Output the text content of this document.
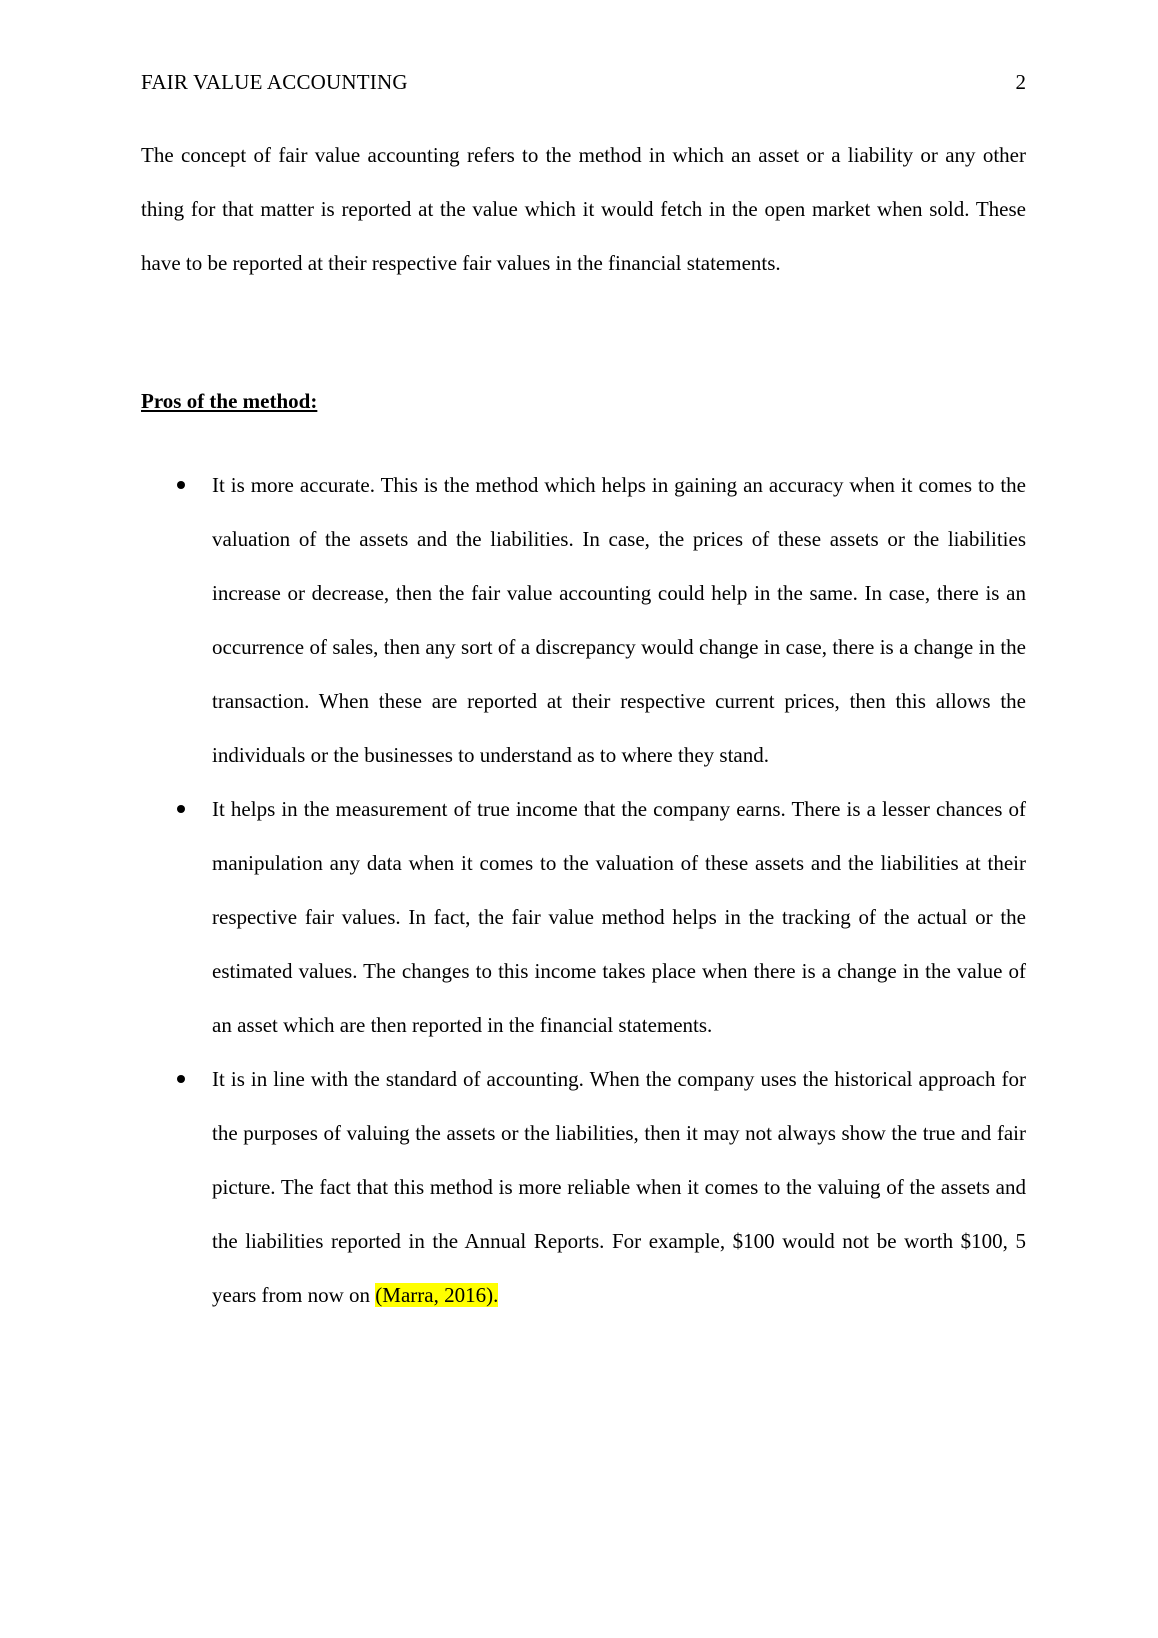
FAIR VALUE ACCOUNTING	2

The concept of fair value accounting refers to the method in which an asset or a liability or any other thing for that matter is reported at the value which it would fetch in the open market when sold. These have to be reported at their respective fair values in the financial statements.

Pros of the method:
It is more accurate. This is the method which helps in gaining an accuracy when it comes to the valuation of the assets and the liabilities. In case, the prices of these assets or the liabilities increase or decrease, then the fair value accounting could help in the same. In case, there is an occurrence of sales, then any sort of a discrepancy would change in case, there is a change in the transaction. When these are reported at their respective current prices, then this allows the individuals or the businesses to understand as to where they stand.
It helps in the measurement of true income that the company earns. There is a lesser chances of manipulation any data when it comes to the valuation of these assets and the liabilities at their respective fair values. In fact, the fair value method helps in the tracking of the actual or the estimated values. The changes to this income takes place when there is a change in the value of an asset which are then reported in the financial statements.
It is in line with the standard of accounting. When the company uses the historical approach for the purposes of valuing the assets or the liabilities, then it may not always show the true and fair picture. The fact that this method is more reliable when it comes to the valuing of the assets and the liabilities reported in the Annual Reports. For example, $100 would not be worth $100, 5 years from now on (Marra, 2016).
